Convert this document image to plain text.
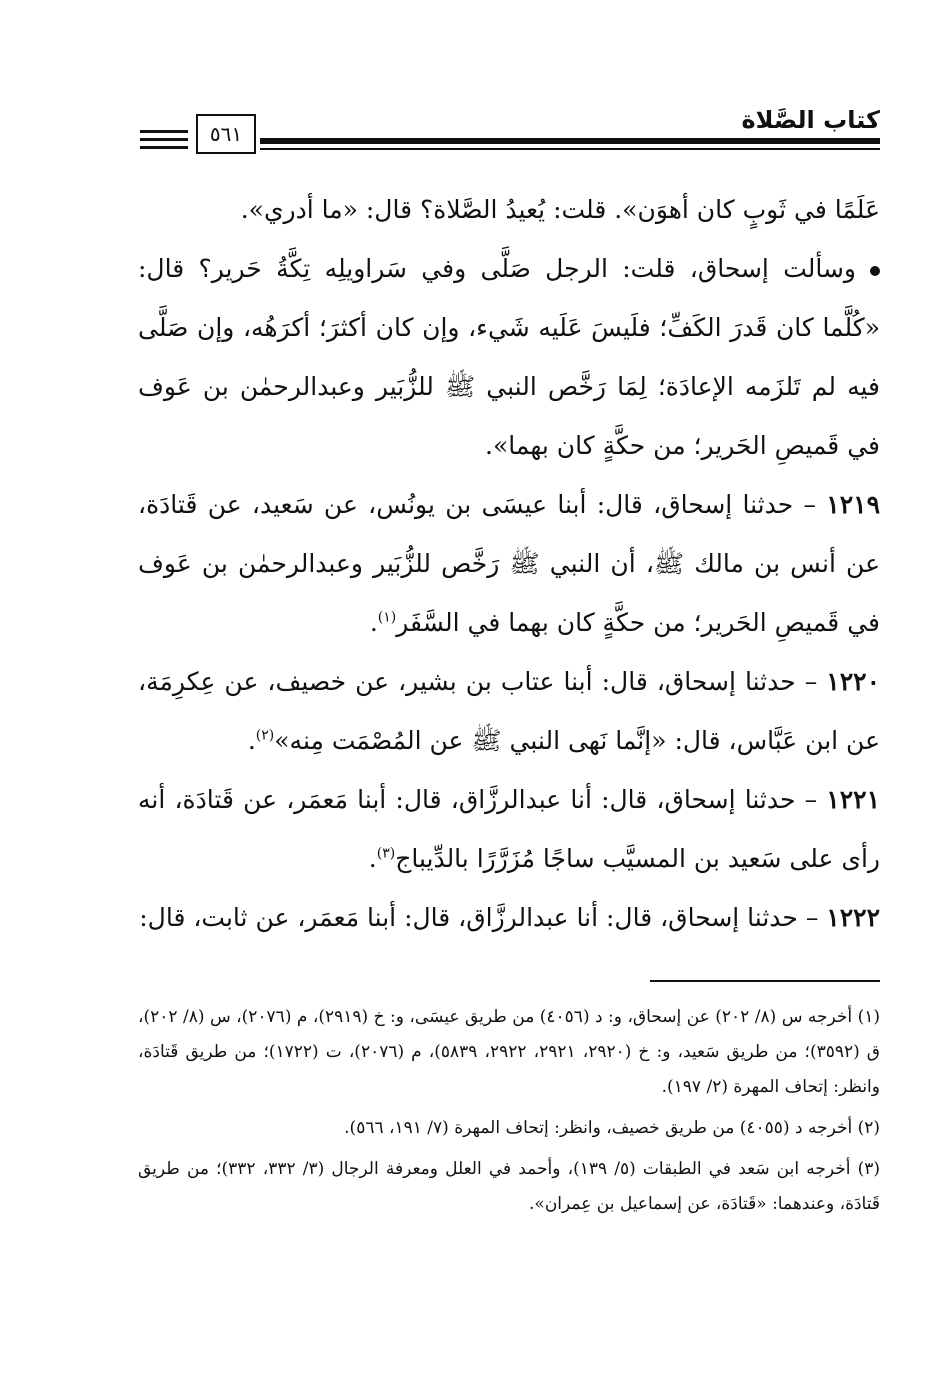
كتاب الصَّلاة
٥٦١

عَلَمًا في ثَوبٍ كان أهوَن». قلت: يُعيدُ الصَّلاة؟ قال: «ما أدري».

وسألت إسحاق، قلت: الرجل صَلَّى وفي سَراويلِه تِكَّةُ حَرير؟ قال: «كُلَّما كان قَدرَ الكَفِّ؛ فلَيسَ عَلَيه شَيء، وإن كان أكثرَ؛ أكرَهُه، وإن صَلَّى فيه لم تَلزَمه الإعادَة؛ لِمَا رَخَّص النبي ﷺ للزُّبَير وعبدالرحمٰن بن عَوف في قَميصِ الحَرير؛ من حكَّةٍ كان بهما».

١٢١٩ – حدثنا إسحاق، قال: أبنا عيسَى بن يونُس، عن سَعيد، عن قَتادَة، عن أنس بن مالك ﷺ، أن النبي ﷺ رَخَّص للزُّبَير وعبدالرحمٰن بن عَوف في قَميصِ الحَرير؛ من حكَّةٍ كان بهما في السَّفَر$^{(١)}$.

١٢٢٠ – حدثنا إسحاق، قال: أبنا عتاب بن بشير، عن خصيف، عن عِكرِمَة، عن ابن عَبَّاس، قال: «إنَّما نَهى النبي ﷺ عن المُصْمَت مِنه»$^{(٢)}$.

١٢٢١ – حدثنا إسحاق، قال: أنا عبدالرزَّاق، قال: أبنا مَعمَر، عن قَتادَة، أنه رأى على سَعيد بن المسيَّب ساجًا مُزَرَّرًا بالدِّيباج$^{(٣)}$.

١٢٢٢ – حدثنا إسحاق، قال: أنا عبدالرزَّاق، قال: أبنا مَعمَر، عن ثابت، قال:

(١) أخرجه س (٨/ ٢٠٢) عن إسحاق، و: د (٤٠٥٦) من طريق عيسَى، و: خ (٢٩١٩)، م (٢٠٧٦)، س (٨/ ٢٠٢)، ق (٣٥٩٢)؛ من طريق سَعيد، و: خ (٢٩٢٠، ٢٩٢١، ٢٩٢٢، ٥٨٣٩)، م (٢٠٧٦)، ت (١٧٢٢)؛ من طريق قَتادَة، وانظر: إتحاف المهرة (٢/ ١٩٧).

(٢) أخرجه د (٤٠٥٥) من طريق خصيف، وانظر: إتحاف المهرة (٧/ ١٩١، ٥٦٦).

(٣) أخرجه ابن سَعد في الطبقات (٥/ ١٣٩)، وأحمد في العلل ومعرفة الرجال (٣/ ٣٣٢، ٣٣٢)؛ من طريق قَتادَة، وعندهما: «قَتادَة، عن إسماعيل بن عِمران».
